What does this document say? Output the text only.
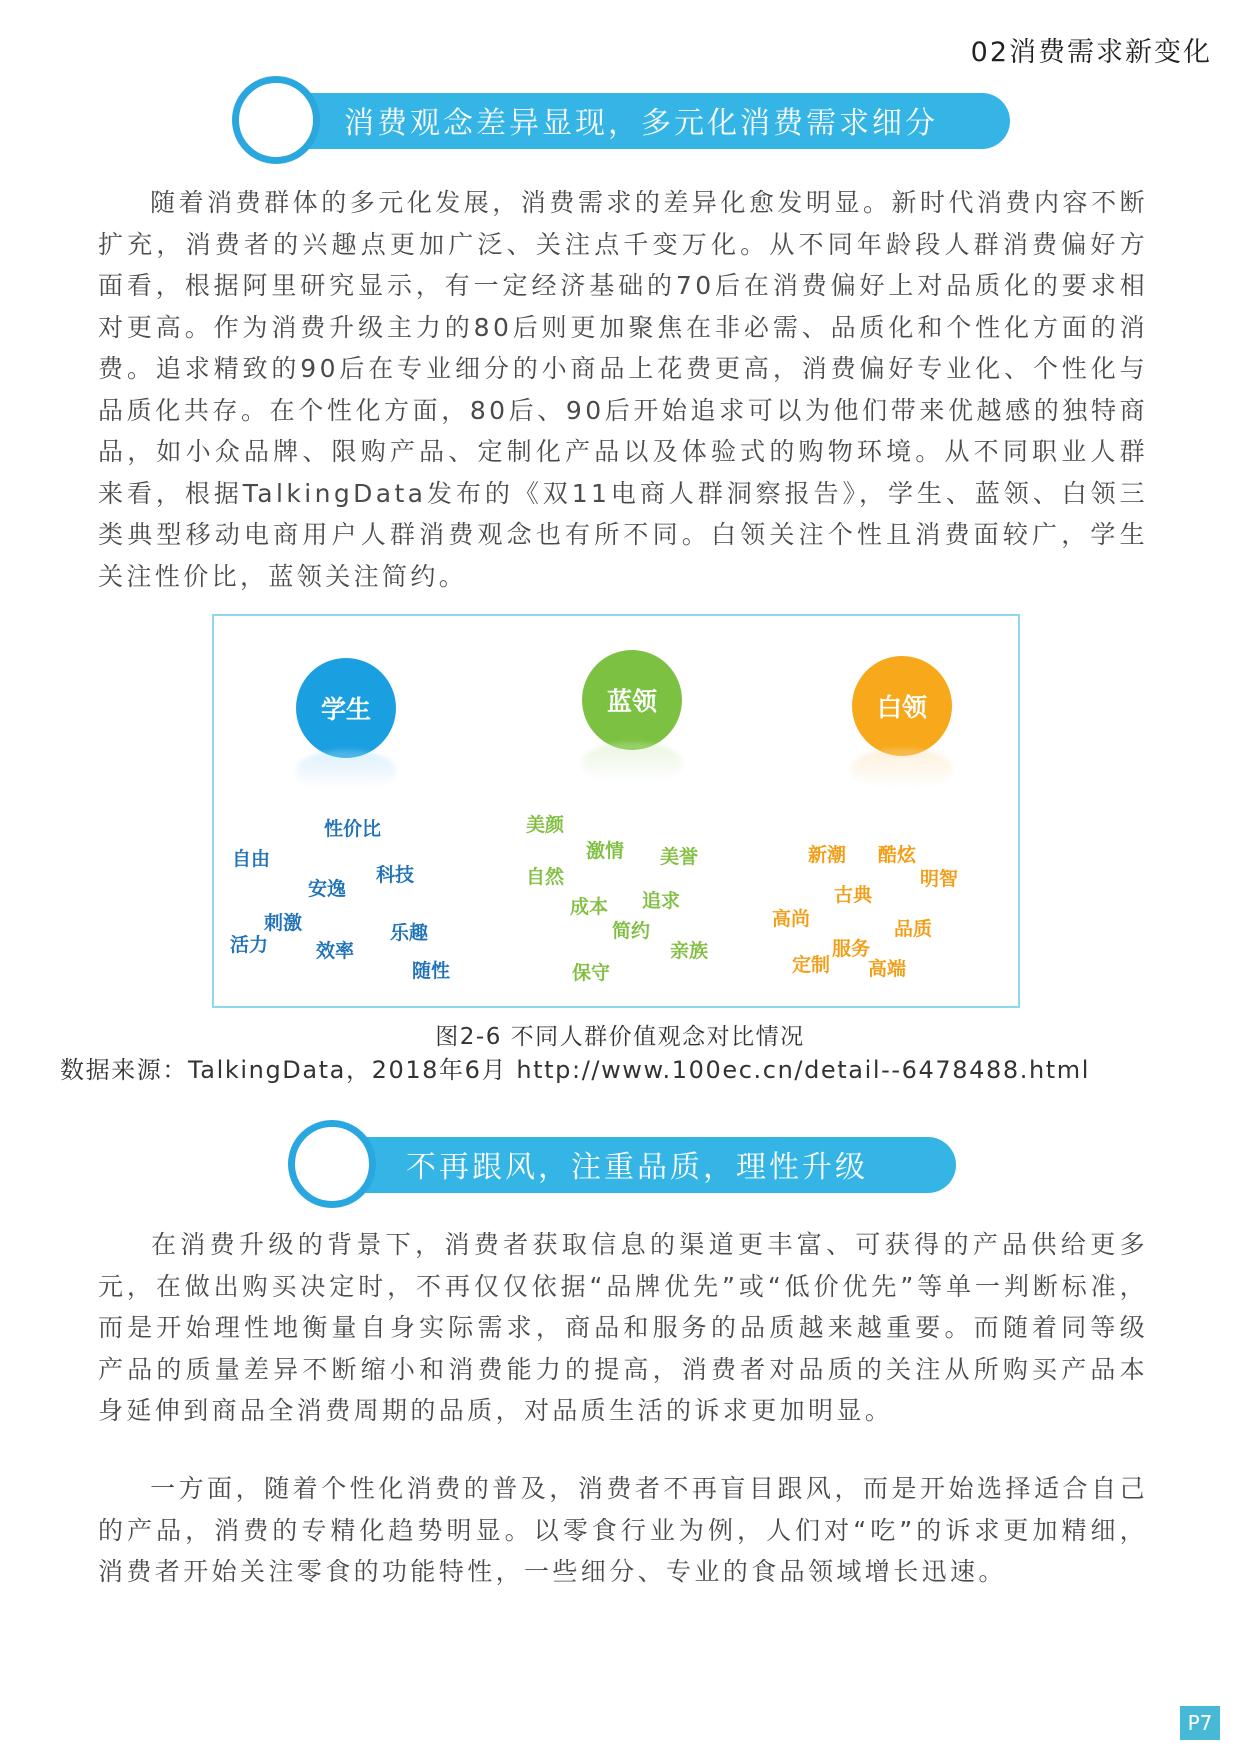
02消费需求新变化
二 消费观念差异显现，多元化消费需求细分
随着消费群体的多元化发展，消费需求的差异化愈发明显。新时代消费内容不断扩充，消费者的兴趣点更加广泛、关注点千变万化。从不同年龄段人群消费偏好方面看，根据阿里研究显示，有一定经济基础的70后在消费偏好上对品质化的要求相对更高。作为消费升级主力的80后则更加聚焦在非必需、品质化和个性化方面的消费。追求精致的90后在专业细分的小商品上花费更高，消费偏好专业化、个性化与品质化共存。在个性化方面，80后、90后开始追求可以为他们带来优越感的独特商品，如小众品牌、限购产品、定制化产品以及体验式的购物环境。从不同职业人群来看，根据TalkingData发布的《双11电商人群洞察报告》，学生、蓝领、白领三类典型移动电商用户人群消费观念也有所不同。白领关注个性且消费面较广，学生关注性价比，蓝领关注简约。
学生	蓝领	白领
性价比
自由
科技
安逸
刺激
活力	效率
乐趣
随性
美颜
激情 美誉
自然
成本 追求
简约
亲族
保守
新潮 酷炫
明智
古典
高尚	品质
服务
定制 高端
图2-6 不同人群价值观念对比情况
数据来源：TalkingData，2018年6月 http://www.100ec.cn/detail--6478488.html
三 不再跟风，注重品质，理性升级
在消费升级的背景下，消费者获取信息的渠道更丰富、可获得的产品供给更多元，在做出购买决定时，不再仅仅依据“品牌优先”或“低价优先”等单一判断标准，而是开始理性地衡量自身实际需求，商品和服务的品质越来越重要。而随着同等级产品的质量差异不断缩小和消费能力的提高，消费者对品质的关注从所购买产品本身延伸到商品全消费周期的品质，对品质生活的诉求更加明显。
一方面，随着个性化消费的普及，消费者不再盲目跟风，而是开始选择适合自己的产品，消费的专精化趋势明显。以零食行业为例，人们对“吃”的诉求更加精细，消费者开始关注零食的功能特性，一些细分、专业的食品领域增长迅速。
P7
